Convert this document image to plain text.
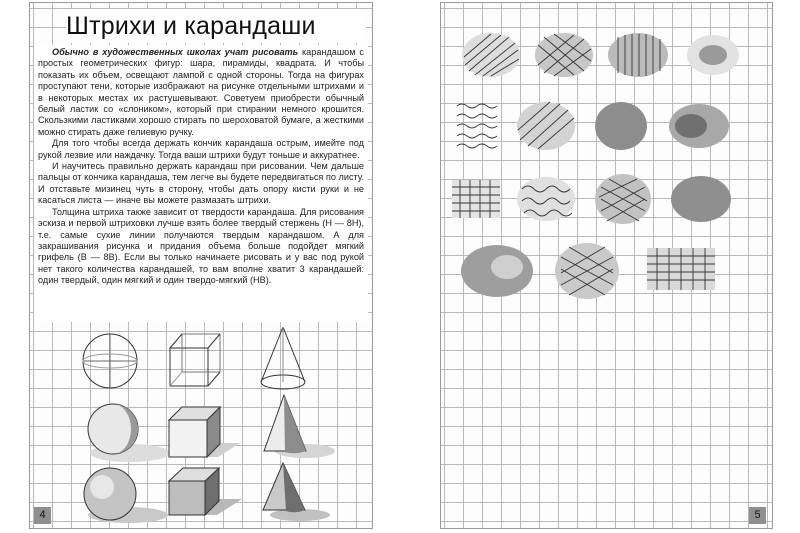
Штрихи и карандаши

Обычно в художественных школах учат рисовать карандашом с простых геометрических фигур: шара, пирамиды, квадрата. И чтобы показать их объем, освещают лампой с одной стороны. Тогда на фигурах проступают тени, которые изображают на рисунке отдельными штрихами и в некоторых местах их растушевывают. Советуем приобрести обычный белый ластик со «слоником», который при стирании немного крошится. Скользкими ластиками хорошо стирать по шероховатой бумаге, а жесткими можно стирать даже гелиевую ручку.

Для того чтобы всегда держать кончик карандаша острым, имейте под рукой лезвие или наждачку. Тогда ваши штрихи будут тоньше и аккуратнее.

И научитесь правильно держать карандаш при рисовании. Чем дальше пальцы от кончика карандаша, тем легче вы будете передвигаться по листу. И отставьте мизинец чуть в сторону, чтобы дать опору кисти руки и не касаться листа — иначе вы можете размазать штрихи.

Толщина штриха также зависит от твердости карандаша. Для рисования эскиза и первой штриховки лучше взять более твердый стержень (H — 8H), т.е. самые сухие линии получаются твердым карандашом. А для закрашивания рисунка и придания объема больше подойдет мягкий грифель (B — 8B). Если вы только начинаете рисовать и у вас под рукой нет такого количества карандашей, то вам вполне хватит 3 карандашей: один твердый, один мягкий и один твердо-мягкий (HB).

4	5
